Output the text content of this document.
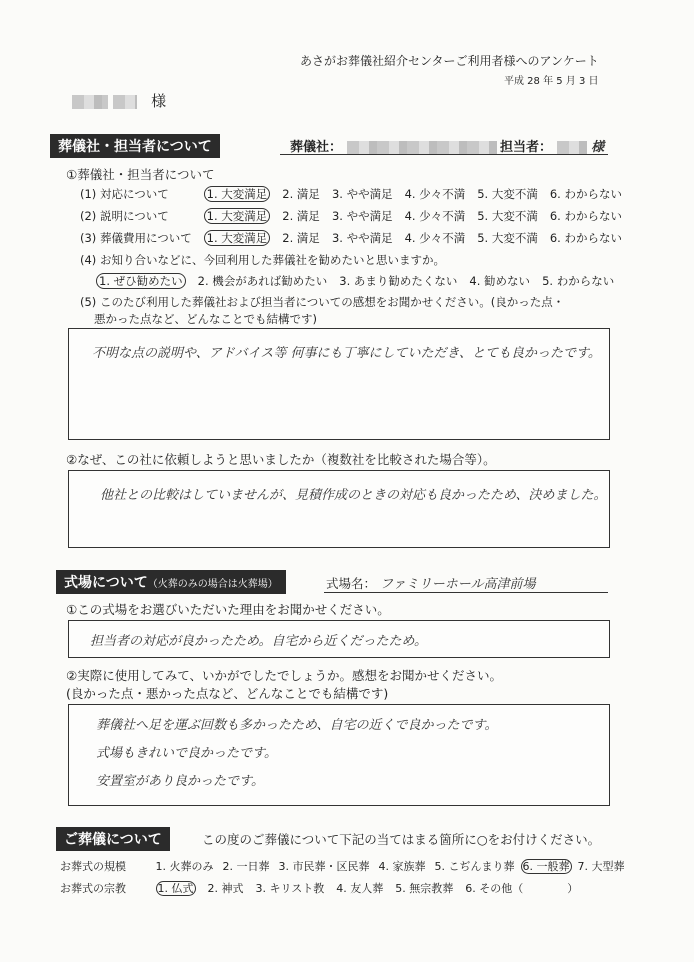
あさがお葬儀社紹介センターご利用者様へのアンケート
平成 28 年 5 月 3 日
様
葬儀社・担当者について	葬儀社：	担当者：	様
①葬儀社・担当者について
(1) 対応について	1. 大変満足 2. 満足 3. やや満足 4. 少々不満 5. 大変不満 6. わからない
(2) 説明について	1. 大変満足 2. 満足 3. やや満足 4. 少々不満 5. 大変不満 6. わからない
(3) 葬儀費用について 1. 大変満足 2. 満足 3. やや満足 4. 少々不満 5. 大変不満 6. わからない
(4) お知り合いなどに、今回利用した葬儀社を勧めたいと思いますか。
1. ぜひ勧めたい 2. 機会があれば勧めたい 3. あまり勧めたくない 4. 勧めない 5. わからない
(5) このたび利用した葬儀社および担当者についての感想をお聞かせください。(良かった点・
悪かった点など、どんなことでも結構です)
不明な点の説明や、アドバイス等 何事にも丁寧にしていただき、とても良かったです。
②なぜ、この社に依頼しようと思いましたか（複数社を比較された場合等）。
他社との比較はしていませんが、見積作成のときの対応も良かったため、決めました。
式場について（火葬のみの場合は火葬場）	式場名： ファミリーホール高津前場
①この式場をお選びいただいた理由をお聞かせください。
担当者の対応が良かったため。自宅から近くだったため。
②実際に使用してみて、いかがでしたでしょうか。感想をお聞かせください。
(良かった点・悪かった点など、どんなことでも結構です)
葬儀社へ足を運ぶ回数も多かったため、自宅の近くで良かったです。
式場もきれいで良かったです。
安置室があり良かったです。
ご葬儀について	この度のご葬儀について下記の当てはまる箇所に○をお付けください。
お葬式の規模	1. 火葬のみ 2. 一日葬 3. 市民葬・区民葬 4. 家族葬 5. こぢんまり葬 6. 一般葬 7. 大型葬
お葬式の宗教	1. 仏式 2. 神式 3. キリスト教 4. 友人葬 5. 無宗教葬 6. その他（　　　　）
